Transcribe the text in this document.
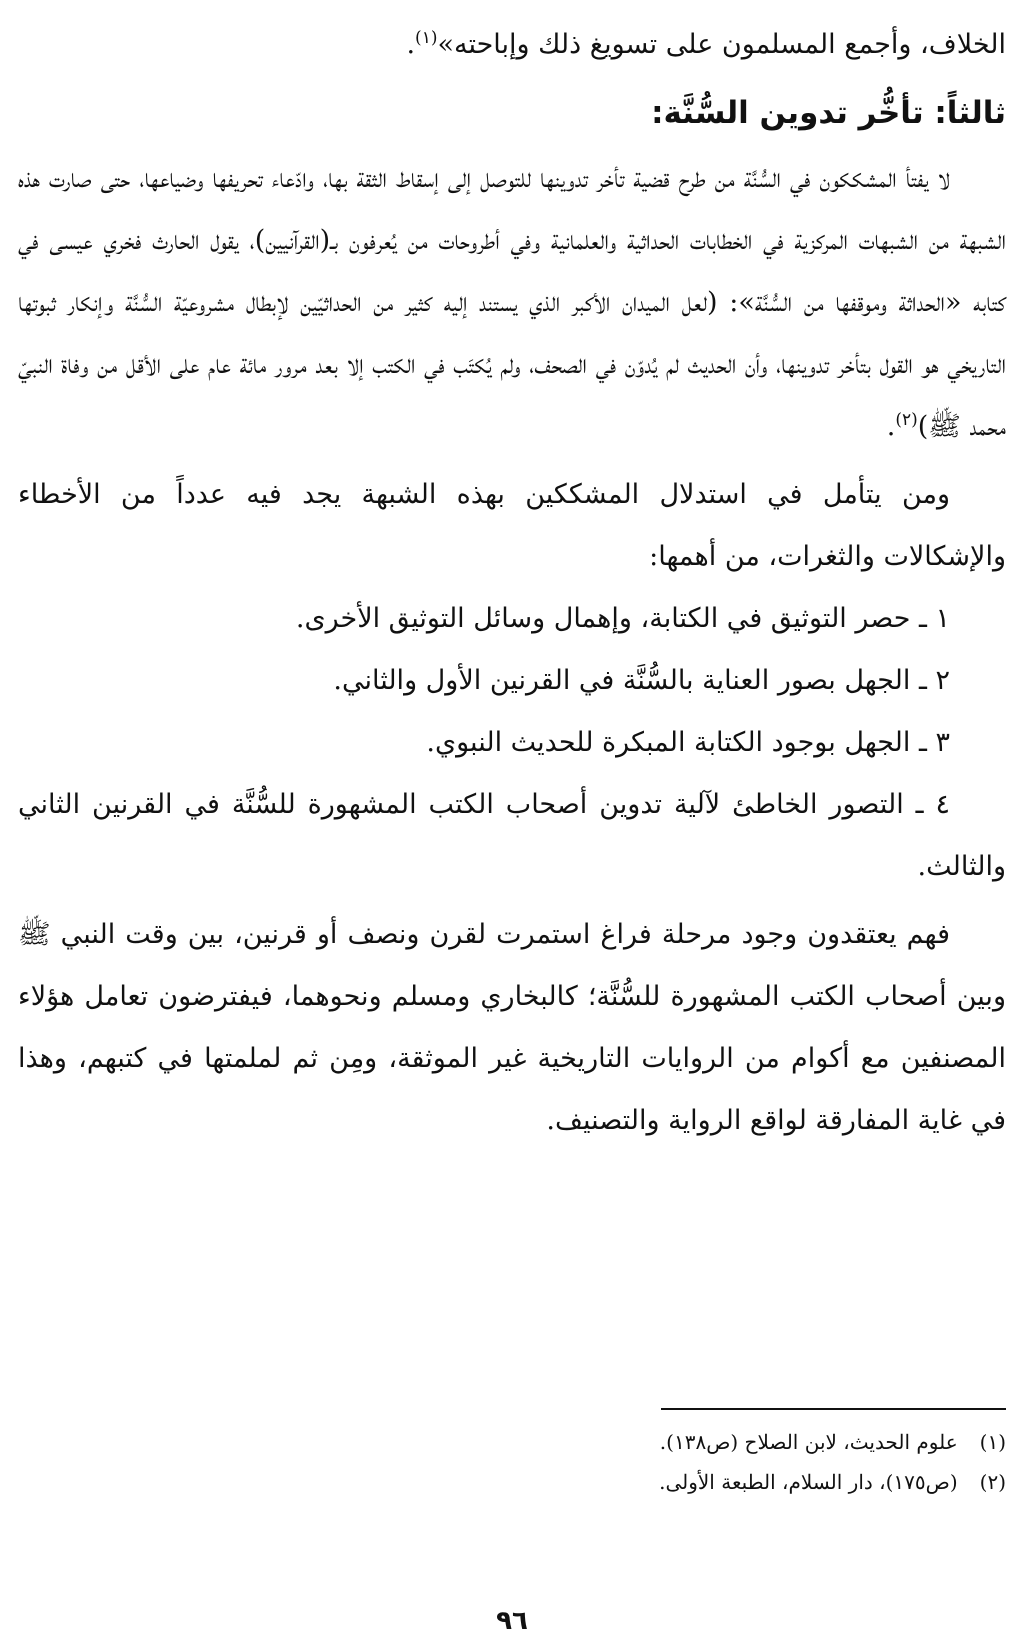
الخلاف، وأجمع المسلمون على تسويغ ذلك وإباحته»$^{(١)}$.

ثالثاً: تأخُّر تدوين السُّنَّة:

لا يفتأ المشككون في السُّنَّة من طرح قضية تأخر تدوينها للتوصل إلى إسقاط الثقة بها، وادّعاء تحريفها وضياعها، حتى صارت هذه الشبهة من الشبهات المركزية في الخطابات الحداثية والعلمانية وفي أطروحات من يُعرفون بـ(القرآنيين)، يقول الحارث فخري عيسى في كتابه «الحداثة وموقفها من السُّنَّة»: (لعل الميدان الأكبر الذي يستند إليه كثير من الحداثيّين لإبطال مشروعيّة السُّنَّة وإنكار ثبوتها التاريخي هو القول بتأخر تدوينها، وأن الحديث لم يُدوّن في الصحف، ولم يُكتَب في الكتب إلا بعد مرور مائة عام على الأقل من وفاة النبيّ محمد ﷺ)$^{(٢)}$.

ومن يتأمل في استدلال المشككين بهذه الشبهة يجد فيه عدداً من الأخطاء والإشكالات والثغرات، من أهمها:

١ ـ حصر التوثيق في الكتابة، وإهمال وسائل التوثيق الأخرى.
٢ ـ الجهل بصور العناية بالسُّنَّة في القرنين الأول والثاني.
٣ ـ الجهل بوجود الكتابة المبكرة للحديث النبوي.
٤ ـ التصور الخاطئ لآلية تدوين أصحاب الكتب المشهورة للسُّنَّة في القرنين الثاني والثالث.

فهم يعتقدون وجود مرحلة فراغ استمرت لقرن ونصف أو قرنين، بين وقت النبي ﷺ وبين أصحاب الكتب المشهورة للسُّنَّة؛ كالبخاري ومسلم ونحوهما، فيفترضون تعامل هؤلاء المصنفين مع أكوام من الروايات التاريخية غير الموثقة، ومِن ثم لملمتها في كتبهم، وهذا في غاية المفارقة لواقع الرواية والتصنيف.

(١)
علوم الحديث، لابن الصلاح (ص١٣٨).
(٢)
(ص١٧٥)، دار السلام، الطبعة الأولى.
٩٦
